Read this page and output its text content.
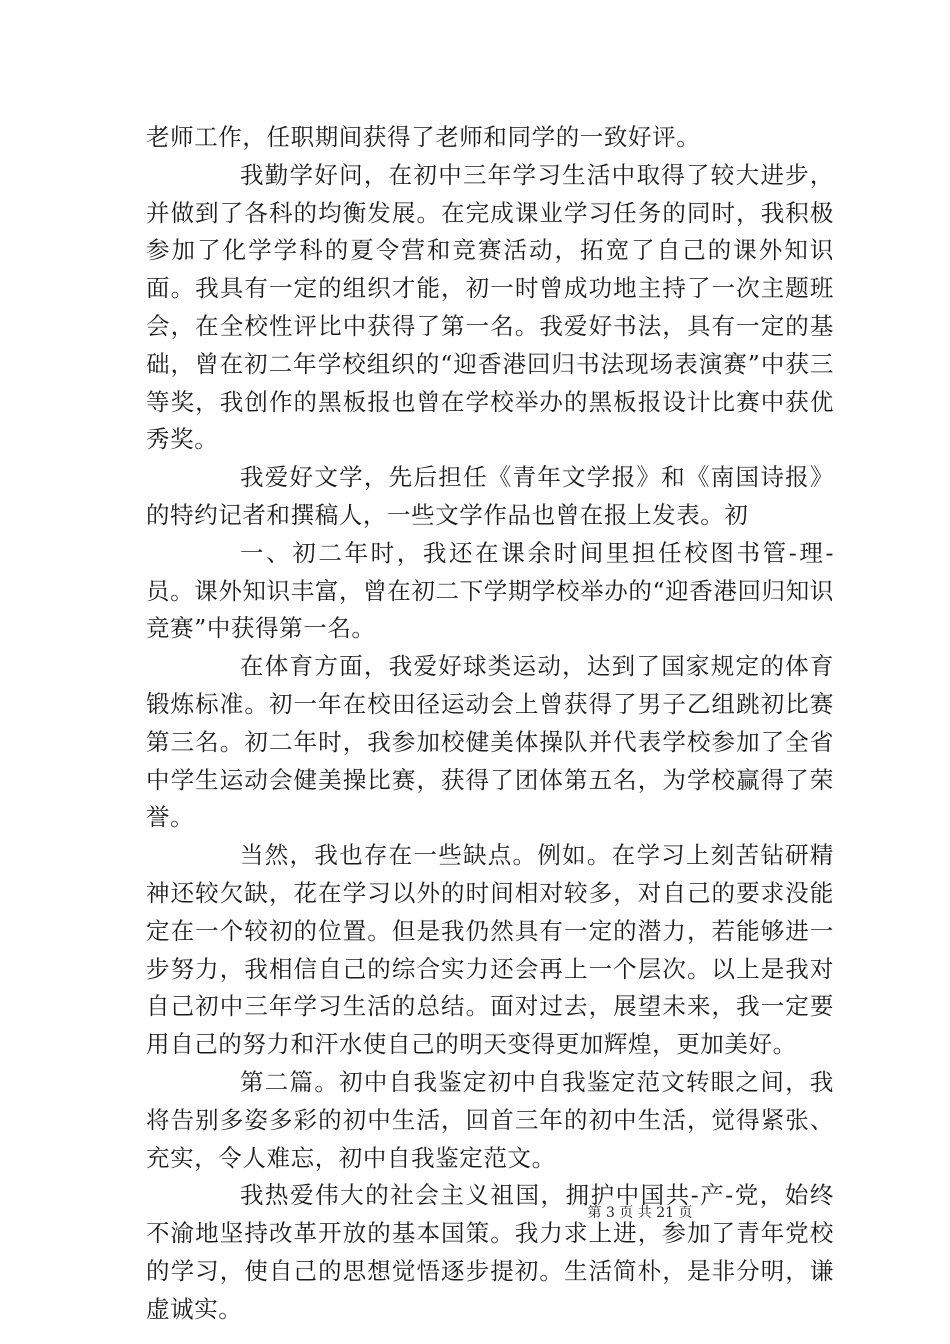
老师工作，任职期间获得了老师和同学的一致好评。

我勤学好问，在初中三年学习生活中取得了较大进步，并做到了各科的均衡发展。在完成课业学习任务的同时，我积极参加了化学学科的夏令营和竞赛活动，拓宽了自己的课外知识面。我具有一定的组织才能，初一时曾成功地主持了一次主题班会，在全校性评比中获得了第一名。我爱好书法，具有一定的基础，曾在初二年学校组织的“迎香港回归书法现场表演赛”中获三等奖，我创作的黑板报也曾在学校举办的黑板报设计比赛中获优秀奖。

我爱好文学，先后担任《青年文学报》和《南国诗报》的特约记者和撰稿人，一些文学作品也曾在报上发表。初

一、初二年时，我还在课余时间里担任校图书管-理-员。课外知识丰富，曾在初二下学期学校举办的“迎香港回归知识竞赛”中获得第一名。

在体育方面，我爱好球类运动，达到了国家规定的体育锻炼标准。初一年在校田径运动会上曾获得了男子乙组跳初比赛第三名。初二年时，我参加校健美体操队并代表学校参加了全省中学生运动会健美操比赛，获得了团体第五名，为学校赢得了荣誉。

当然，我也存在一些缺点。例如。在学习上刻苦钻研精神还较欠缺，花在学习以外的时间相对较多，对自己的要求没能定在一个较初的位置。但是我仍然具有一定的潜力，若能够进一步努力，我相信自己的综合实力还会再上一个层次。以上是我对自己初中三年学习生活的总结。面对过去，展望未来，我一定要用自己的努力和汗水使自己的明天变得更加辉煌，更加美好。

第二篇。初中自我鉴定初中自我鉴定范文转眼之间，我将告别多姿多彩的初中生活，回首三年的初中生活，觉得紧张、充实，令人难忘，初中自我鉴定范文。

我热爱伟大的社会主义祖国，拥护中国共-产-党，始终不渝地坚持改革开放的基本国策。我力求上进，参加了青年党校的学习，使自己的思想觉悟逐步提初。生活简朴，是非分明，谦虚诚实。

第 3 页 共 21 页
